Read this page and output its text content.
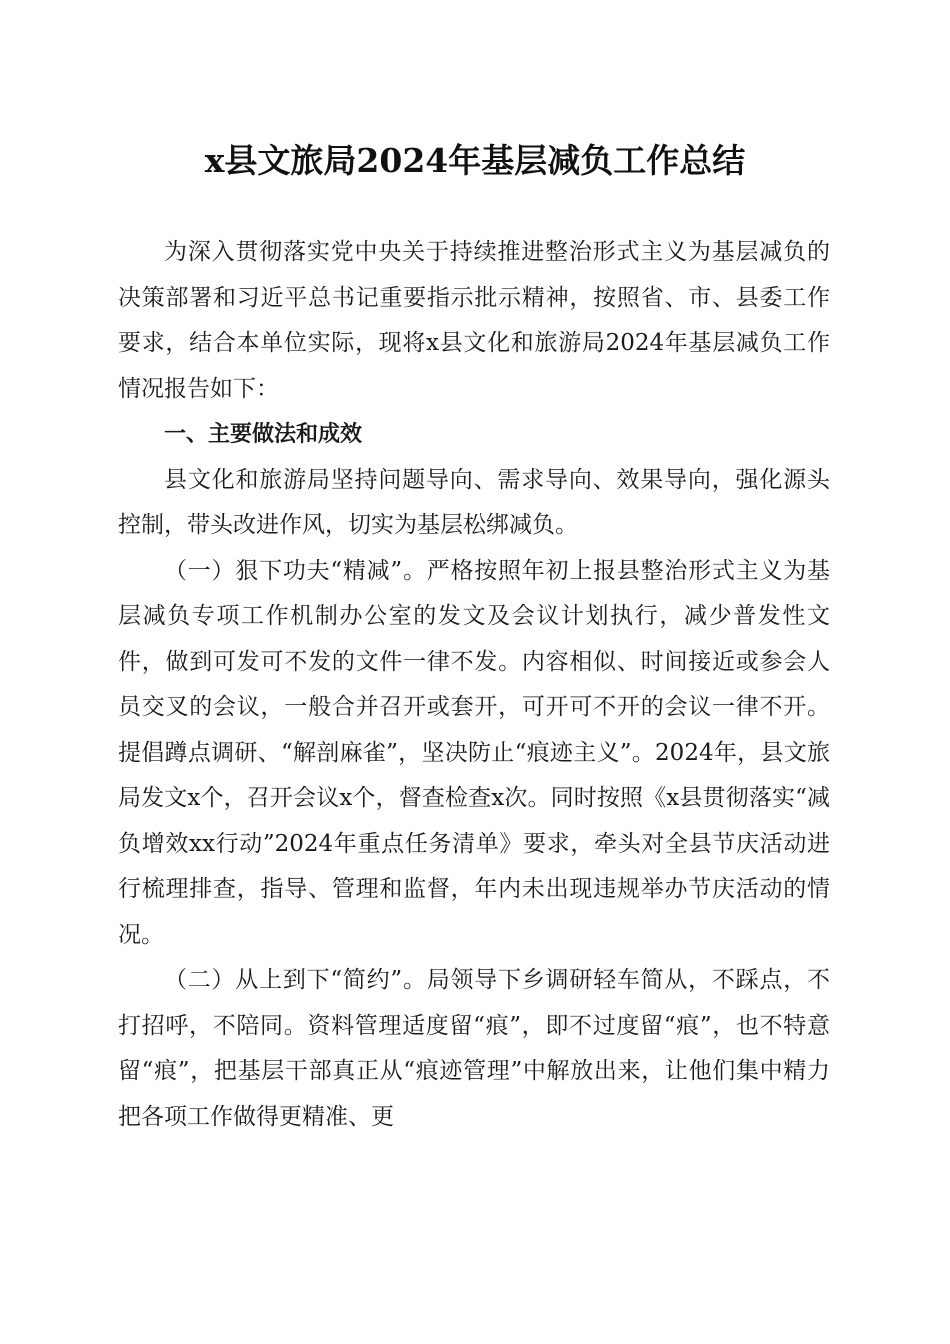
x县文旅局2024年基层减负工作总结

为深入贯彻落实党中央关于持续推进整治形式主义为基层减负的决策部署和习近平总书记重要指示批示精神，按照省、市、县委工作要求，结合本单位实际，现将x县文化和旅游局2024年基层减负工作情况报告如下：

一、主要做法和成效

县文化和旅游局坚持问题导向、需求导向、效果导向，强化源头控制，带头改进作风，切实为基层松绑减负。

（一）狠下功夫“精减”。严格按照年初上报县整治形式主义为基层减负专项工作机制办公室的发文及会议计划执行，减少普发性文件，做到可发可不发的文件一律不发。内容相似、时间接近或参会人员交叉的会议，一般合并召开或套开，可开可不开的会议一律不开。提倡蹲点调研、“解剖麻雀”，坚决防止“痕迹主义”。2024年，县文旅局发文x个，召开会议x个，督查检查x次。同时按照《x县贯彻落实“减负增效xx行动”2024年重点任务清单》要求，牵头对全县节庆活动进行梳理排查，指导、管理和监督，年内未出现违规举办节庆活动的情况。

（二）从上到下“简约”。局领导下乡调研轻车简从，不踩点，不打招呼，不陪同。资料管理适度留“痕”，即不过度留“痕”，也不特意留“痕”，把基层干部真正从“痕迹管理”中解放出来，让他们集中精力把各项工作做得更精准、更
